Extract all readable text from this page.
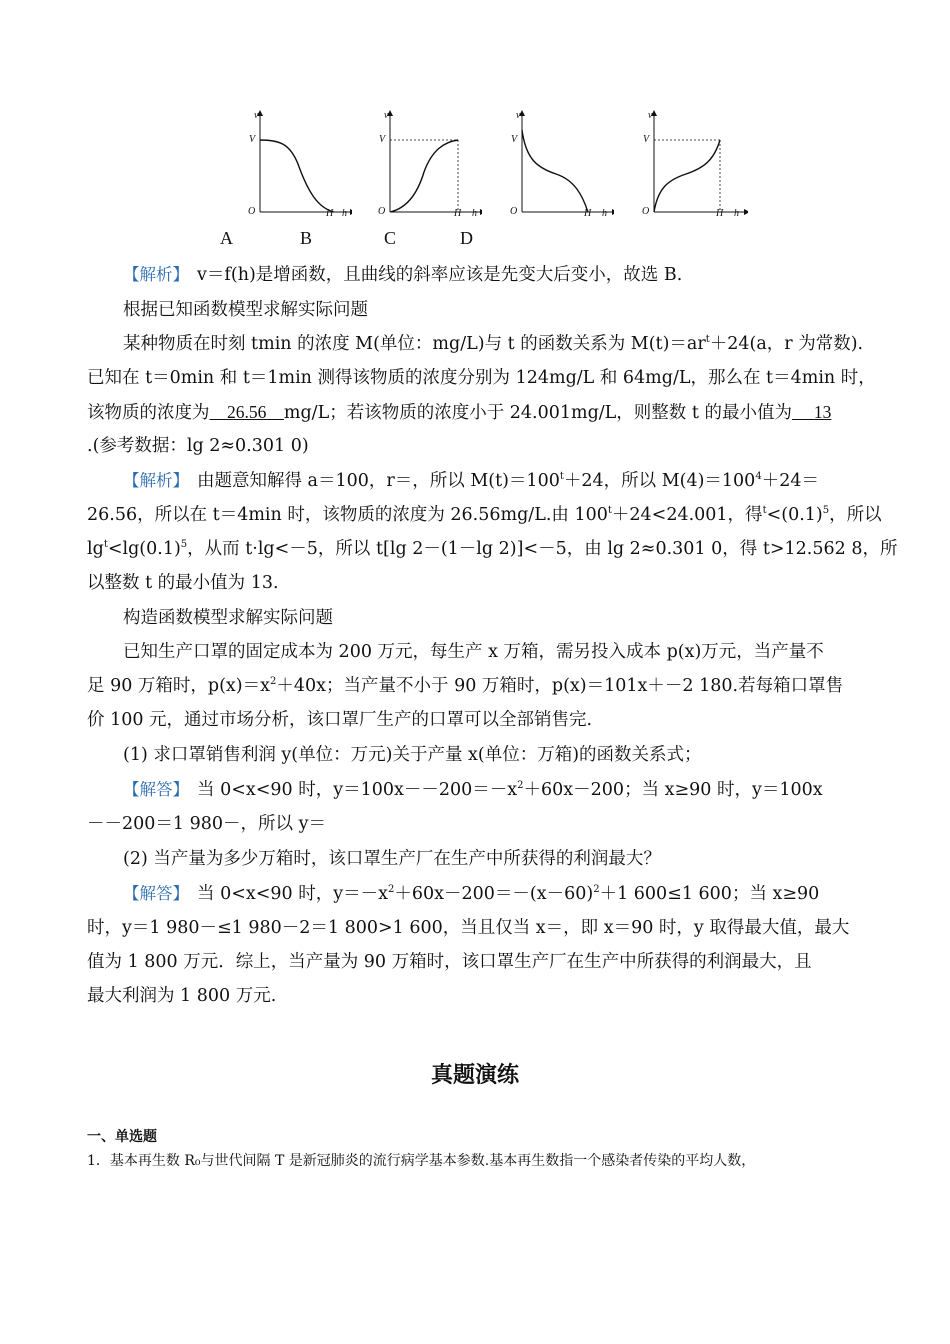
v
V
O	H h
v
V
O	H h
v
V
O	H h
v
V
O	H h
A	B	C	D
【解析】 v＝f(h)是增函数，且曲线的斜率应该是先变大后变小，故选 B.
根据已知函数模型求解实际问题
某种物质在时刻 tmin 的浓度 M(单位：mg/L)与 t 的函数关系为 $M(t)=ar^t+24(a$，r 为常数).
已知在 t＝0min 和 t＝1min 测得该物质的浓度分别为 124mg/L 和 64mg/L，那么在 t＝4min 时，
该物质的浓度为 26.56 mg/L；若该物质的浓度小于 24.001mg/L，则整数 t 的最小值为 13
.(参考数据：lg 2≈0.301 0)
【解析】 由题意知解得 a＝100，r＝，所以 $M(t)=100^t+24$，所以 $M(4)=100^4+24=$
26.56，所以在 t＝4min 时，该物质的浓度为 26.56mg/L.由 $100^t+24<24.001$，得$^t<(0.1)^5$，所以
$\lg^t<\lg(0.1)^5$，从而 t·lg<－5，所以 t[lg 2－(1－lg 2)]<－5，由 lg 2≈0.301 0，得 t>12.562 8，所
以整数 t 的最小值为 13.
构造函数模型求解实际问题
已知生产口罩的固定成本为 200 万元，每生产 x 万箱，需另投入成本 p(x)万元，当产量不
足 90 万箱时，$p(x)=x^2+40x$；当产量不小于 90 万箱时，p(x)＝101x＋－2 180.若每箱口罩售
价 100 元，通过市场分析，该口罩厂生产的口罩可以全部销售完.
(1) 求口罩销售利润 y(单位：万元)关于产量 x(单位：万箱)的函数关系式；
【解答】 当 0<x<90 时，$y=100x--200=-x^2+60x-200$；当 x≥90 时，y＝100x
－－200＝1 980－，所以 y＝
(2) 当产量为多少万箱时，该口罩生产厂在生产中所获得的利润最大？
【解答】 当 0<x<90 时，$y=-x^2+60x-200=-(x-60)^2+1$ 600≤1 600；当 x≥90
时，y＝1 980－≤1 980－2＝1 800>1 600，当且仅当 x＝，即 x＝90 时，y 取得最大值，最大
值为 1 800 万元．综上，当产量为 90 万箱时，该口罩生产厂在生产中所获得的利润最大，且
最大利润为 1 800 万元.
真题演练
一、单选题
1．基本再生数 R₀与世代间隔 T 是新冠肺炎的流行病学基本参数.基本再生数指一个感染者传染的平均人数，
